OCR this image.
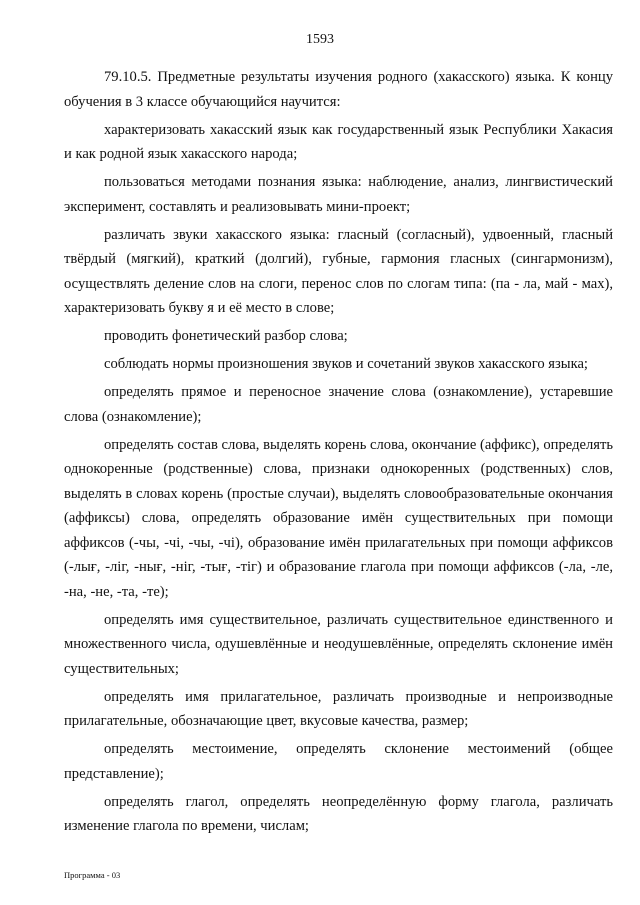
1593

79.10.5. Предметные результаты изучения родного (хакасского) языка. К концу обучения в 3 классе обучающийся научится:

характеризовать хакасский язык как государственный язык Республики Хакасия и как родной язык хакасского народа;

пользоваться методами познания языка: наблюдение, анализ, лингвистический эксперимент, составлять и реализовывать мини-проект;

различать звуки хакасского языка: гласный (согласный), удвоенный, гласный твёрдый (мягкий), краткий (долгий), губные, гармония гласных (сингармонизм), осуществлять деление слов на слоги, перенос слов по слогам типа: (па - ла, май - мах), характеризовать букву я и её место в слове;

проводить фонетический разбор слова;

соблюдать нормы произношения звуков и сочетаний звуков хакасского языка;

определять прямое и переносное значение слова (ознакомление), устаревшие слова (ознакомление);

определять состав слова, выделять корень слова, окончание (аффикс), определять однокоренные (родственные) слова, признаки однокоренных (родственных) слов, выделять в словах корень (простые случаи), выделять словообразовательные окончания (аффиксы) слова, определять образование имён существительных при помощи аффиксов (-чы, -чі, -чы, -чі), образование имён прилагательных при помощи аффиксов (-лығ, -лiг, -нығ, -нiг, -тығ, -тiг) и образование глагола при помощи аффиксов (-ла, -ле, -на, -не, -та, -те);

определять имя существительное, различать существительное единственного и множественного числа, одушевлённые и неодушевлённые, определять склонение имён существительных;

определять имя прилагательное, различать производные и непроизводные прилагательные, обозначающие цвет, вкусовые качества, размер;

определять местоимение, определять склонение местоимений (общее представление);

определять глагол, определять неопределённую форму глагола, различать изменение глагола по времени, числам;

Программа - 03
